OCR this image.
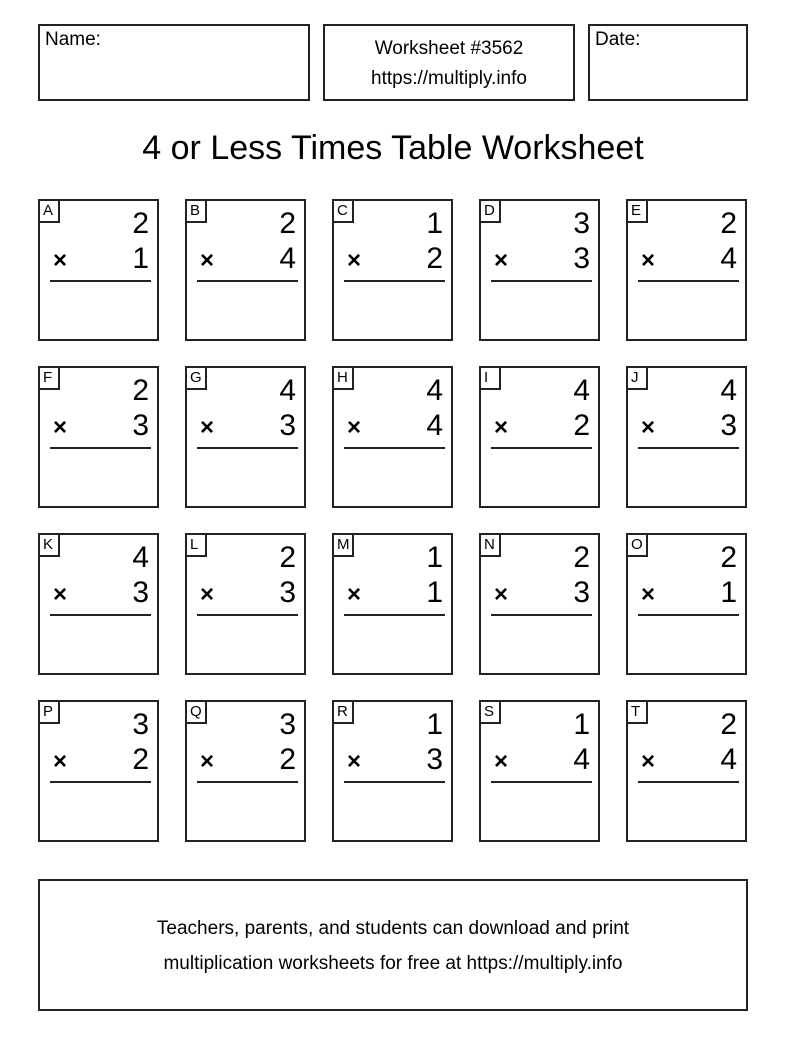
Name:	Worksheet #3562
https://multiply.info
Date:
4 or Less Times Table Worksheet
A	2
× 1
B	2
× 4
C	1
× 2
D	3
× 3
E	2
× 4
F	2
× 3
G	4
× 3
H	4
× 4
I	4
× 2
J	4
× 3
K	4
× 3
L	2
× 3
M	1
× 1
N	2
× 3
O	2
× 1
P	3
× 2
Q	3
× 2
R	1
× 3
S	1
× 4
T	2
× 4
Teachers, parents, and students can download and print
multiplication worksheets for free at https://multiply.info
